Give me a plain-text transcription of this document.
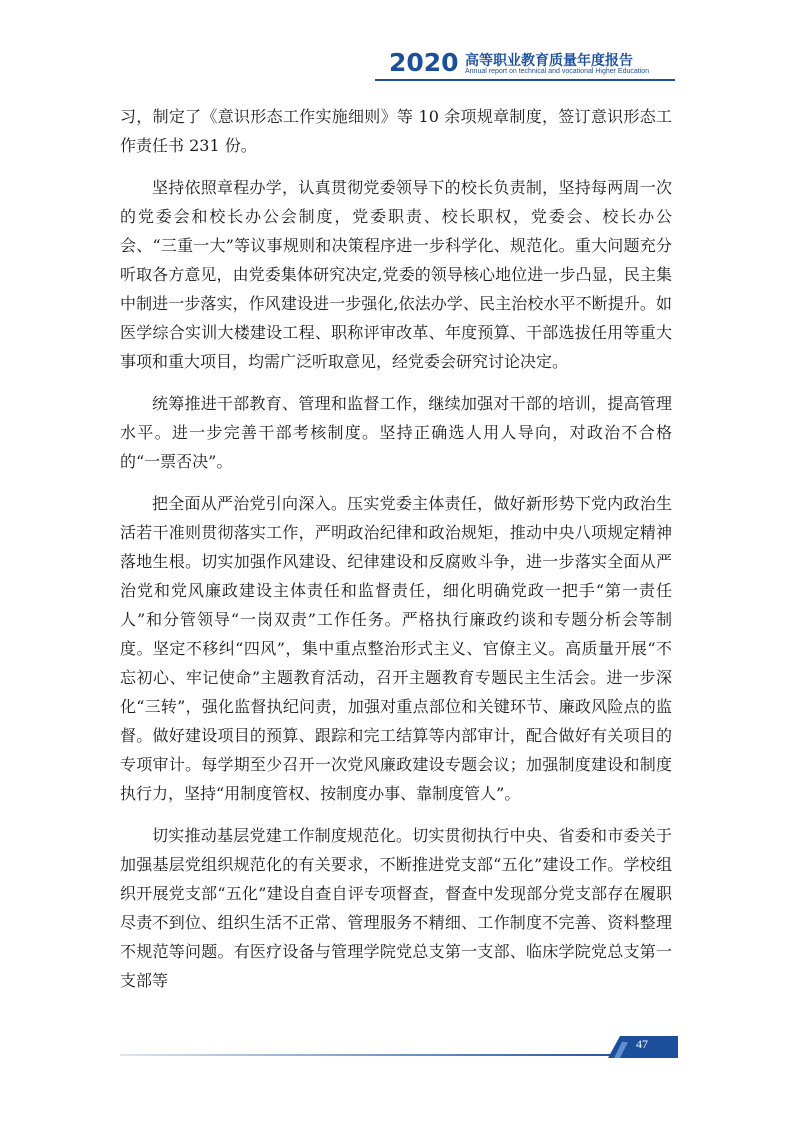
2020 高等职业教育质量年度报告
Annual report on technical and vocational Higher Education

习，制定了《意识形态工作实施细则》等 10 余项规章制度，签订意识形态工作责任书 231 份。

坚持依照章程办学，认真贯彻党委领导下的校长负责制，坚持每两周一次的党委会和校长办公会制度，党委职责、校长职权，党委会、校长办公会、“三重一大”等议事规则和决策程序进一步科学化、规范化。重大问题充分听取各方意见，由党委集体研究决定,党委的领导核心地位进一步凸显，民主集中制进一步落实，作风建设进一步强化,依法办学、民主治校水平不断提升。如医学综合实训大楼建设工程、职称评审改革、年度预算、干部选拔任用等重大事项和重大项目，均需广泛听取意见，经党委会研究讨论决定。

统筹推进干部教育、管理和监督工作，继续加强对干部的培训，提高管理水平。进一步完善干部考核制度。坚持正确选人用人导向，对政治不合格的“一票否决”。

把全面从严治党引向深入。压实党委主体责任，做好新形势下党内政治生活若干准则贯彻落实工作，严明政治纪律和政治规矩，推动中央八项规定精神落地生根。切实加强作风建设、纪律建设和反腐败斗争，进一步落实全面从严治党和党风廉政建设主体责任和监督责任，细化明确党政一把手“第一责任人”和分管领导“一岗双责”工作任务。严格执行廉政约谈和专题分析会等制度。坚定不移纠“四风”，集中重点整治形式主义、官僚主义。高质量开展“不忘初心、牢记使命”主题教育活动，召开主题教育专题民主生活会。进一步深化“三转”，强化监督执纪问责，加强对重点部位和关键环节、廉政风险点的监督。做好建设项目的预算、跟踪和完工结算等内部审计，配合做好有关项目的专项审计。每学期至少召开一次党风廉政建设专题会议；加强制度建设和制度执行力，坚持“用制度管权、按制度办事、靠制度管人”。

切实推动基层党建工作制度规范化。切实贯彻执行中央、省委和市委关于加强基层党组织规范化的有关要求，不断推进党支部“五化”建设工作。学校组织开展党支部“五化”建设自查自评专项督查，督查中发现部分党支部存在履职尽责不到位、组织生活不正常、管理服务不精细、工作制度不完善、资料整理不规范等问题。有医疗设备与管理学院党总支第一支部、临床学院党总支第一支部等

47
